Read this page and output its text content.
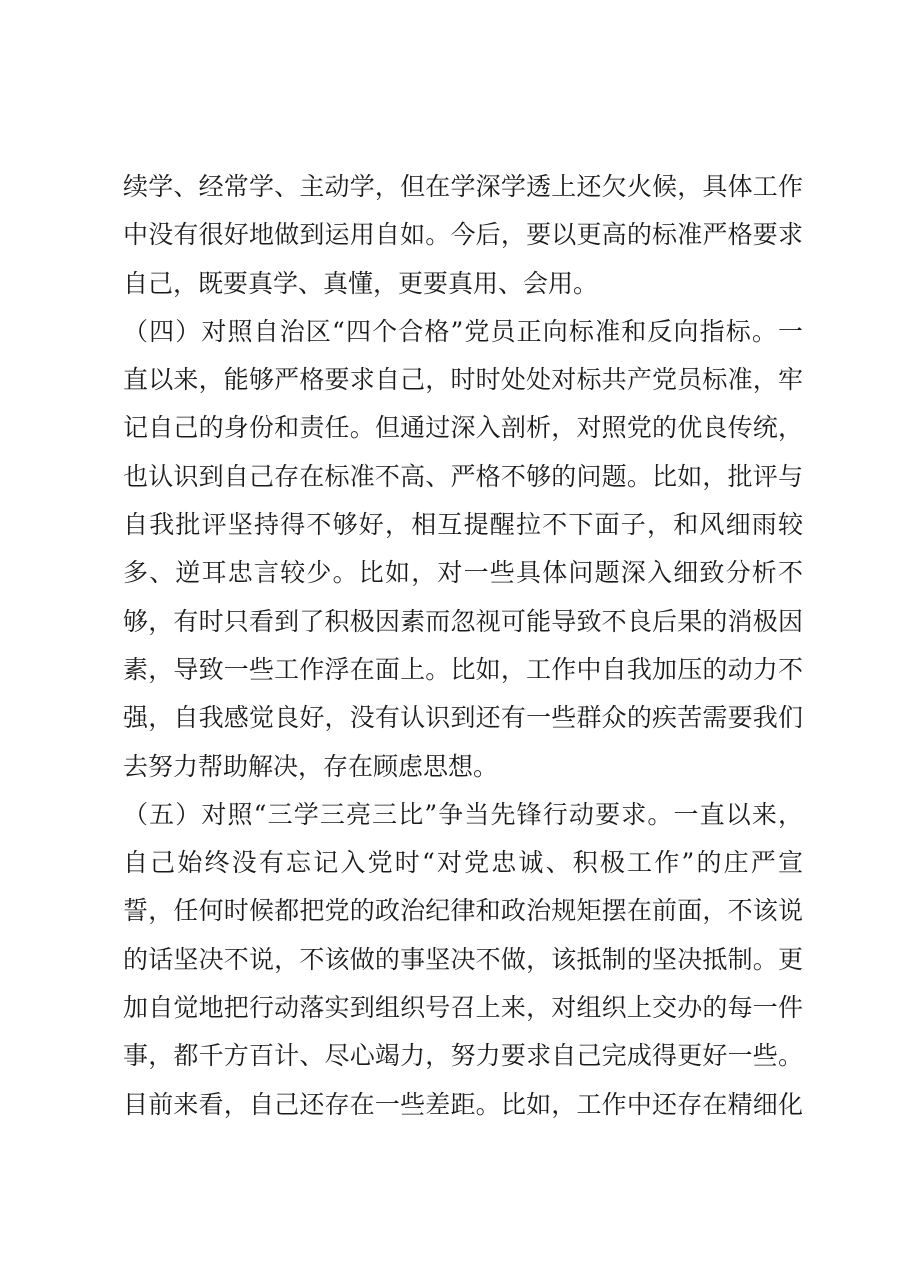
续学、经常学、主动学，但在学深学透上还欠火候，具体工作
中没有很好地做到运用自如。今后，要以更高的标准严格要求
自己，既要真学、真懂，更要真用、会用。
（四）对照自治区“四个合格”党员正向标准和反向指标。一
直以来，能够严格要求自己，时时处处对标共产党员标准，牢
记自己的身份和责任。但通过深入剖析，对照党的优良传统，
也认识到自己存在标准不高、严格不够的问题。比如，批评与
自我批评坚持得不够好，相互提醒拉不下面子，和风细雨较
多、逆耳忠言较少。比如，对一些具体问题深入细致分析不
够，有时只看到了积极因素而忽视可能导致不良后果的消极因
素，导致一些工作浮在面上。比如，工作中自我加压的动力不
强，自我感觉良好，没有认识到还有一些群众的疾苦需要我们
去努力帮助解决，存在顾虑思想。
（五）对照“三学三亮三比”争当先锋行动要求。一直以来，
自己始终没有忘记入党时“对党忠诚、积极工作”的庄严宣
誓，任何时候都把党的政治纪律和政治规矩摆在前面，不该说
的话坚决不说，不该做的事坚决不做，该抵制的坚决抵制。更
加自觉地把行动落实到组织号召上来，对组织上交办的每一件
事，都千方百计、尽心竭力，努力要求自己完成得更好一些。
目前来看，自己还存在一些差距。比如，工作中还存在精细化
